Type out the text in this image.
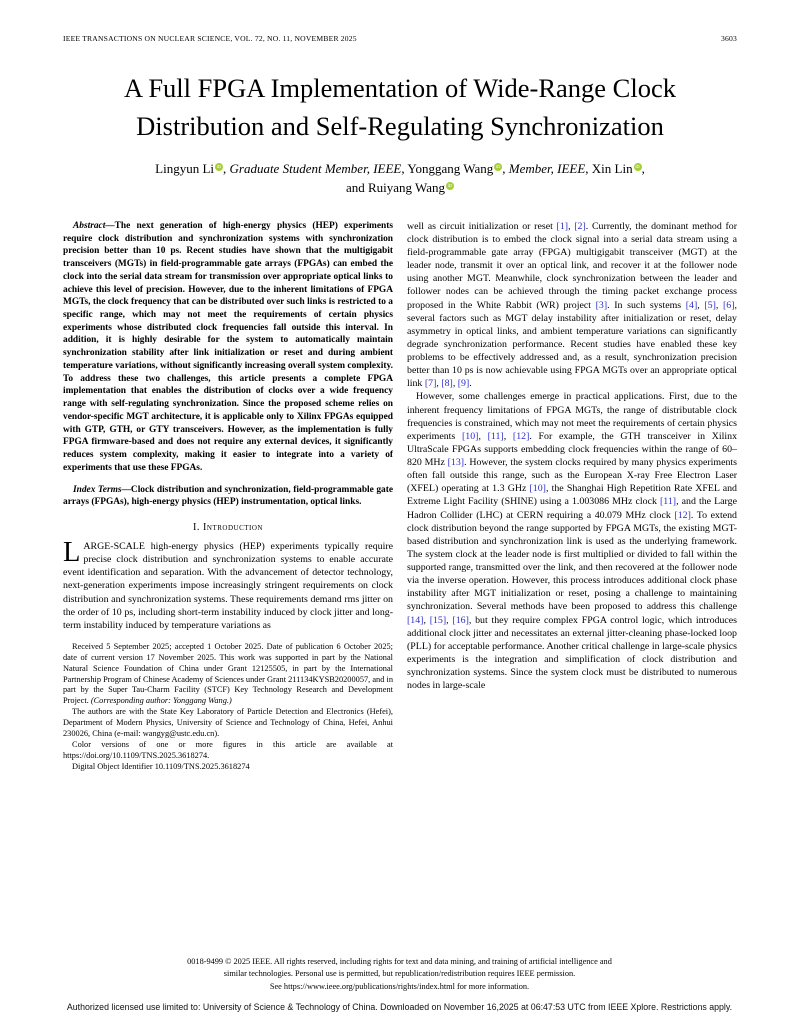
IEEE TRANSACTIONS ON NUCLEAR SCIENCE, VOL. 72, NO. 11, NOVEMBER 2025	3603
A Full FPGA Implementation of Wide-Range Clock
Distribution and Self-Regulating Synchronization
Lingyun Li iD , Graduate Student Member, IEEE, Yonggang Wang iD , Member, IEEE, Xin Lin iD ,
and Ruiyang Wang iD

Abstract—The next generation of high-energy physics (HEP) experiments require clock distribution and synchronization systems with synchronization precision better than 10 ps. Recent studies have shown that the multigigabit transceivers (MGTs) in field-programmable gate arrays (FPGAs) can embed the clock into the serial data stream for transmission over appropriate optical links to achieve this level of precision. However, due to the inherent limitations of FPGA MGTs, the clock frequency that can be distributed over such links is restricted to a specific range, which may not meet the requirements of certain physics experiments whose distributed clock frequencies fall outside this interval. In addition, it is highly desirable for the system to automatically maintain synchronization stability after link initialization or reset and during ambient temperature variations, without significantly increasing overall system complexity. To address these two challenges, this article presents a complete FPGA implementation that enables the distribution of clocks over a wide frequency range with self-regulating synchronization. Since the proposed scheme relies on vendor-specific MGT architecture, it is applicable only to Xilinx FPGAs equipped with GTP, GTH, or GTY transceivers. However, as the implementation is fully FPGA firmware-based and does not require any external devices, it significantly reduces system complexity, making it easier to integrate into a variety of experiments that use these FPGAs.

Index Terms—Clock distribution and synchronization, field-programmable gate arrays (FPGAs), high-energy physics (HEP) instrumentation, optical links.

I. Introduction

LARGE-SCALE high-energy physics (HEP) experiments typically require precise clock distribution and synchronization systems to enable accurate event identification and separation. With the advancement of detector technology, next-generation experiments impose increasingly stringent requirements on clock distribution and synchronization systems. These requirements demand rms jitter on the order of 10 ps, including short-term instability induced by clock jitter and long-term instability induced by temperature variations as

Received 5 September 2025; accepted 1 October 2025. Date of publication 6 October 2025; date of current version 17 November 2025. This work was supported in part by the National Natural Science Foundation of China under Grant 12125505, in part by the International Partnership Program of Chinese Academy of Sciences under Grant 211134KYSB20200057, and in part by the Super Tau-Charm Facility (STCF) Key Technology Research and Development Project. (Corresponding author: Yonggang Wang.)

The authors are with the State Key Laboratory of Particle Detection and Electronics (Hefei), Department of Modern Physics, University of Science and Technology of China, Hefei, Anhui 230026, China (e-mail: wangyg@ustc.edu.cn).

Color versions of one or more figures in this article are available at https://doi.org/10.1109/TNS.2025.3618274.

Digital Object Identifier 10.1109/TNS.2025.3618274

well as circuit initialization or reset [1], [2]. Currently, the dominant method for clock distribution is to embed the clock signal into a serial data stream using a field-programmable gate array (FPGA) multigigabit transceiver (MGT) at the leader node, transmit it over an optical link, and recover it at the follower node using another MGT. Meanwhile, clock synchronization between the leader and follower nodes can be achieved through the timing packet exchange process proposed in the White Rabbit (WR) project [3]. In such systems [4], [5], [6], several factors such as MGT delay instability after initialization or reset, delay asymmetry in optical links, and ambient temperature variations can significantly degrade synchronization performance. Recent studies have enabled these key problems to be effectively addressed and, as a result, synchronization precision better than 10 ps is now achievable using FPGA MGTs over an appropriate optical link [7], [8], [9].

However, some challenges emerge in practical applications. First, due to the inherent frequency limitations of FPGA MGTs, the range of distributable clock frequencies is constrained, which may not meet the requirements of certain physics experiments [10], [11], [12]. For example, the GTH transceiver in Xilinx UltraScale FPGAs supports embedding clock frequencies within the range of 60–820 MHz [13]. However, the system clocks required by many physics experiments often fall outside this range, such as the European X-ray Free Electron Laser (XFEL) operating at 1.3 GHz [10], the Shanghai High Repetition Rate XFEL and Extreme Light Facility (SHINE) using a 1.003086 MHz clock [11], and the Large Hadron Collider (LHC) at CERN requiring a 40.079 MHz clock [12]. To extend clock distribution beyond the range supported by FPGA MGTs, the existing MGT-based distribution and synchronization link is used as the underlying framework. The system clock at the leader node is first multiplied or divided to fall within the supported range, transmitted over the link, and then recovered at the follower node via the inverse operation. However, this process introduces additional clock phase instability after MGT initialization or reset, posing a challenge to maintaining synchronization. Several methods have been proposed to address this challenge [14], [15], [16], but they require complex FPGA control logic, which introduces additional clock jitter and necessitates an external jitter-cleaning phase-locked loop (PLL) for acceptable performance. Another critical challenge in large-scale physics experiments is the integration and simplification of clock distribution and synchronization systems. Since the system clock must be distributed to numerous nodes in large-scale

0018-9499 © 2025 IEEE. All rights reserved, including rights for text and data mining, and training of artificial intelligence and
similar technologies. Personal use is permitted, but republication/redistribution requires IEEE permission.
See https://www.ieee.org/publications/rights/index.html for more information.
Authorized licensed use limited to: University of Science & Technology of China. Downloaded on November 16,2025 at 06:47:53 UTC from IEEE Xplore. Restrictions apply.
